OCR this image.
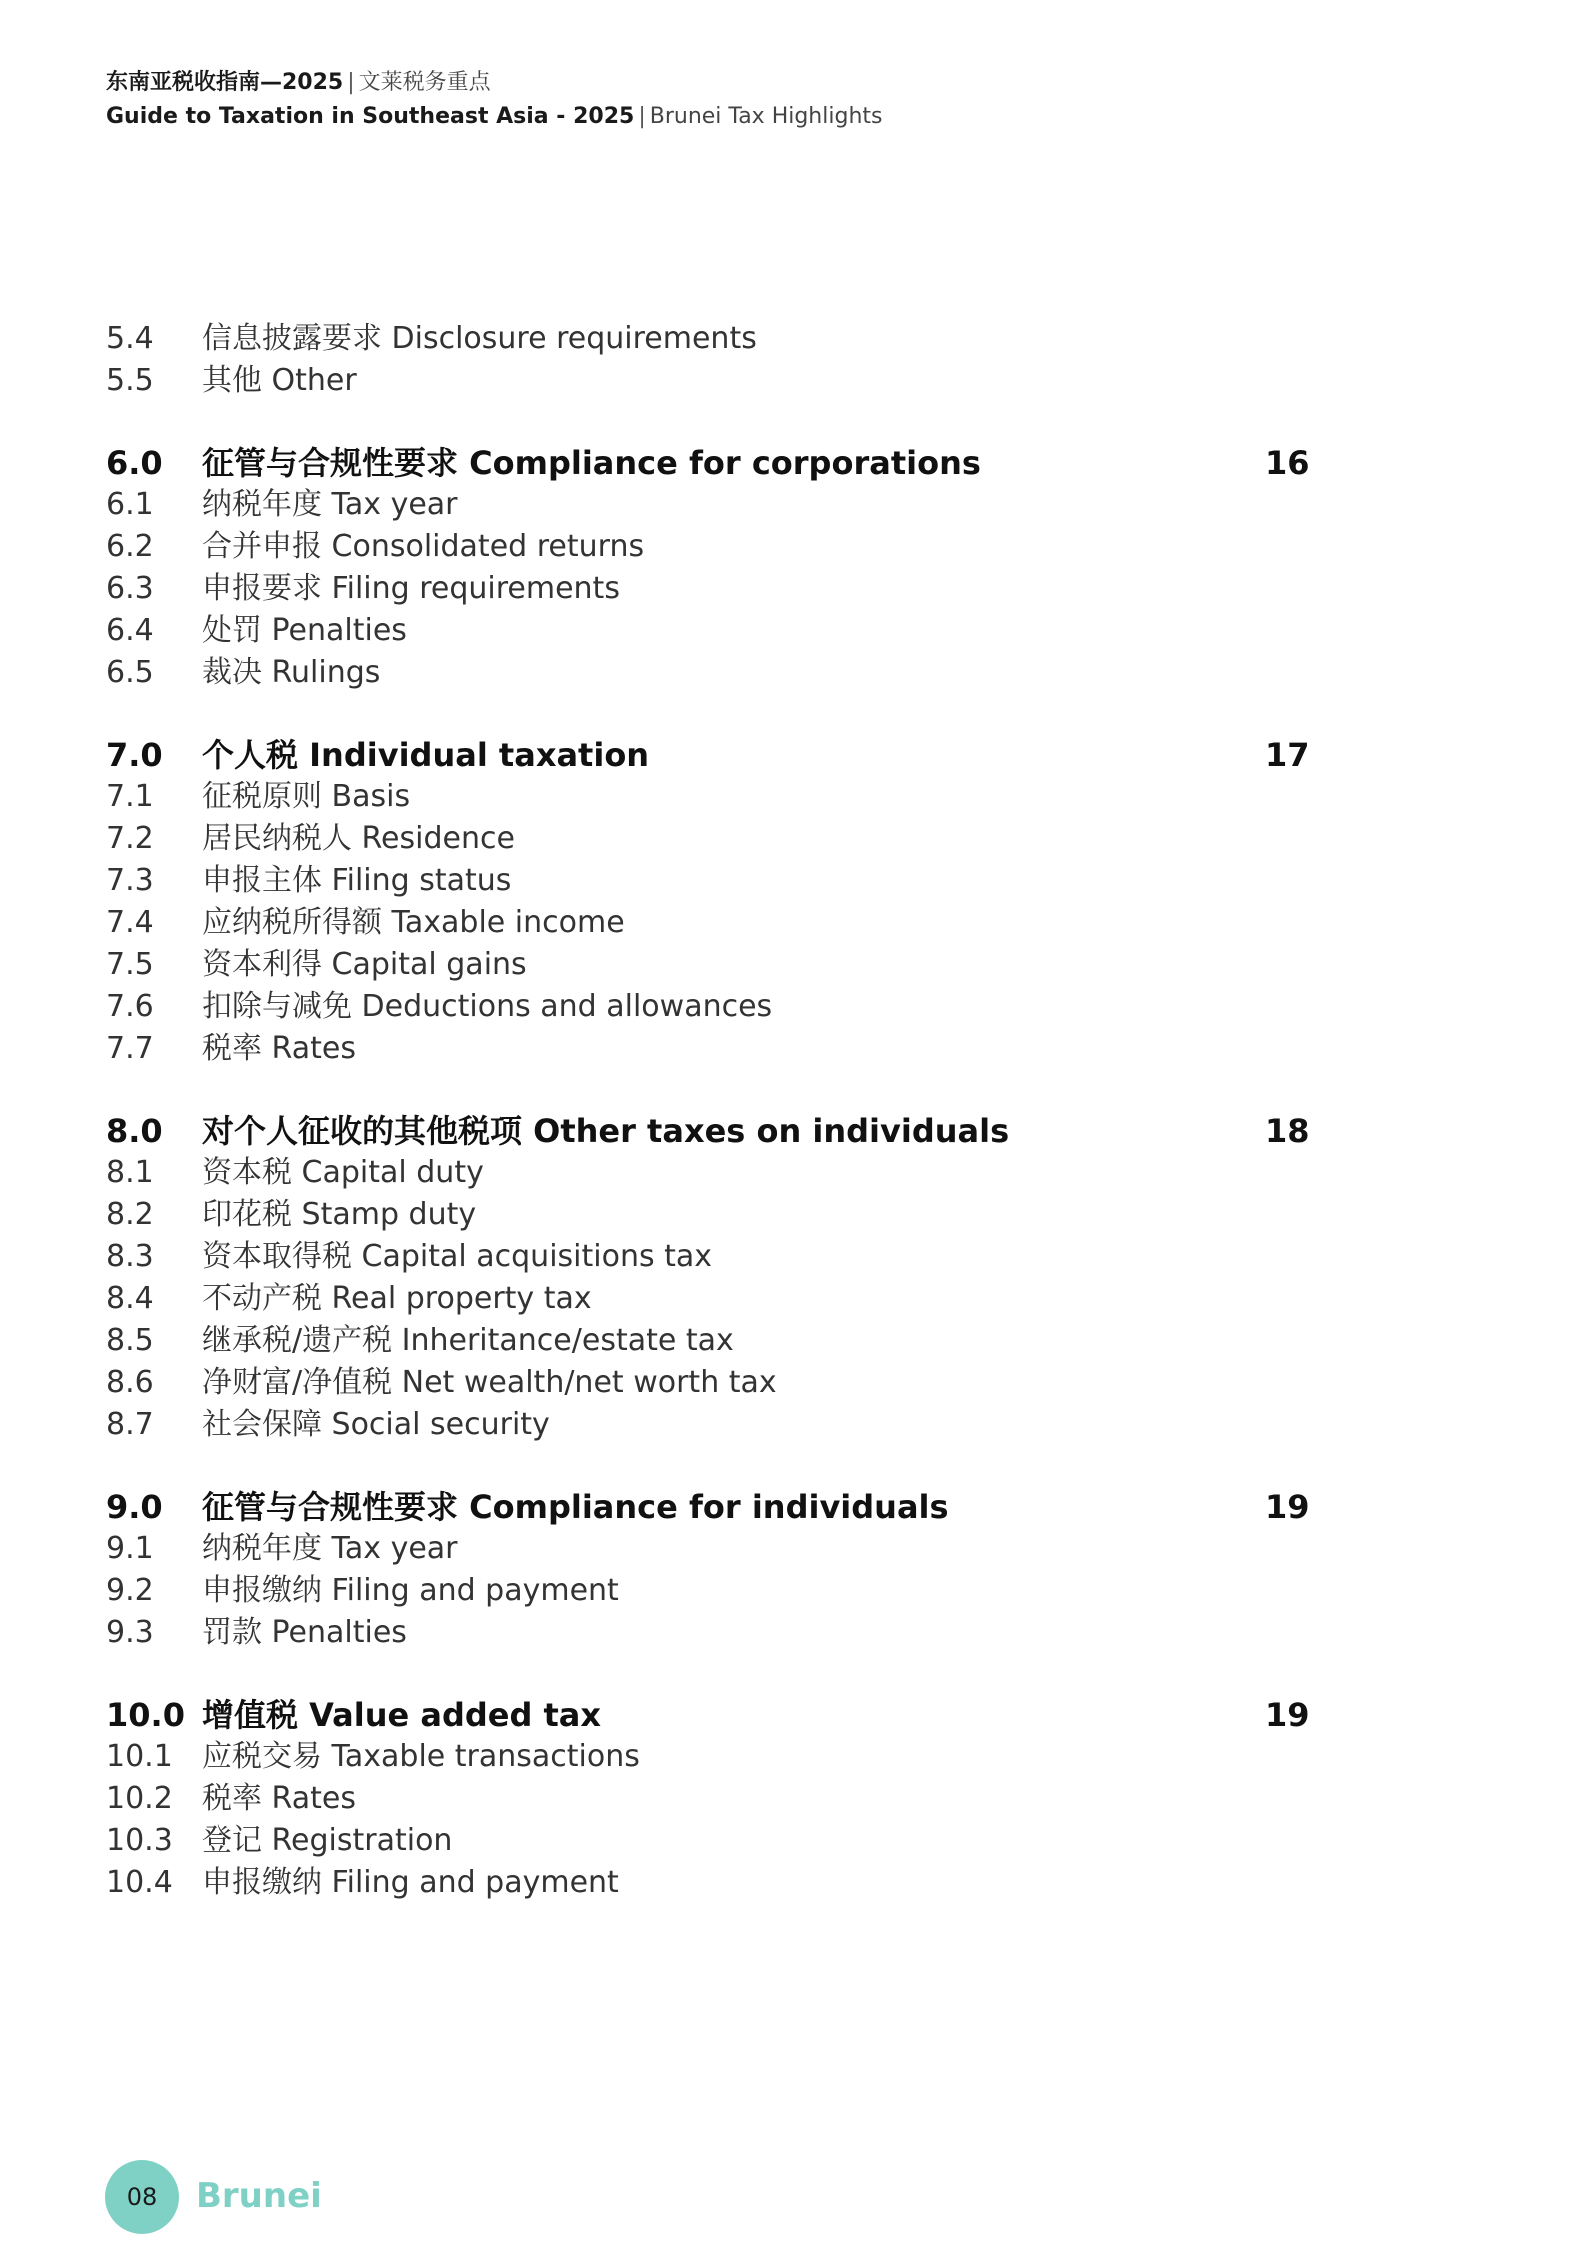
东南亚税收指南—2025 | 文莱税务重点
Guide to Taxation in Southeast Asia - 2025 | Brunei Tax Highlights
5.4 信息披露要求 Disclosure requirements
5.5 其他 Other
6.0 征管与合规性要求 Compliance for corporations	16
6.1 纳税年度 Tax year
6.2 合并申报 Consolidated returns
6.3 申报要求 Filing requirements
6.4 处罚 Penalties
6.5 裁决 Rulings
7.0 个人税 Individual taxation	17
7.1 征税原则 Basis
7.2 居民纳税人 Residence
7.3 申报主体 Filing status
7.4 应纳税所得额 Taxable income
7.5 资本利得 Capital gains
7.6 扣除与减免 Deductions and allowances
7.7 税率 Rates
8.0 对个人征收的其他税项 Other taxes on individuals	18
8.1 资本税 Capital duty
8.2 印花税 Stamp duty
8.3 资本取得税 Capital acquisitions tax
8.4 不动产税 Real property tax
8.5 继承税/遗产税 Inheritance/estate tax
8.6 净财富/净值税 Net wealth/net worth tax
8.7 社会保障 Social security
9.0 征管与合规性要求 Compliance for individuals	19
9.1 纳税年度 Tax year
9.2 申报缴纳 Filing and payment
9.3 罚款 Penalties
10.0 增值税 Value added tax	19
10.1 应税交易 Taxable transactions
10.2 税率 Rates
10.3 登记 Registration
10.4 申报缴纳 Filing and payment
08 Brunei
